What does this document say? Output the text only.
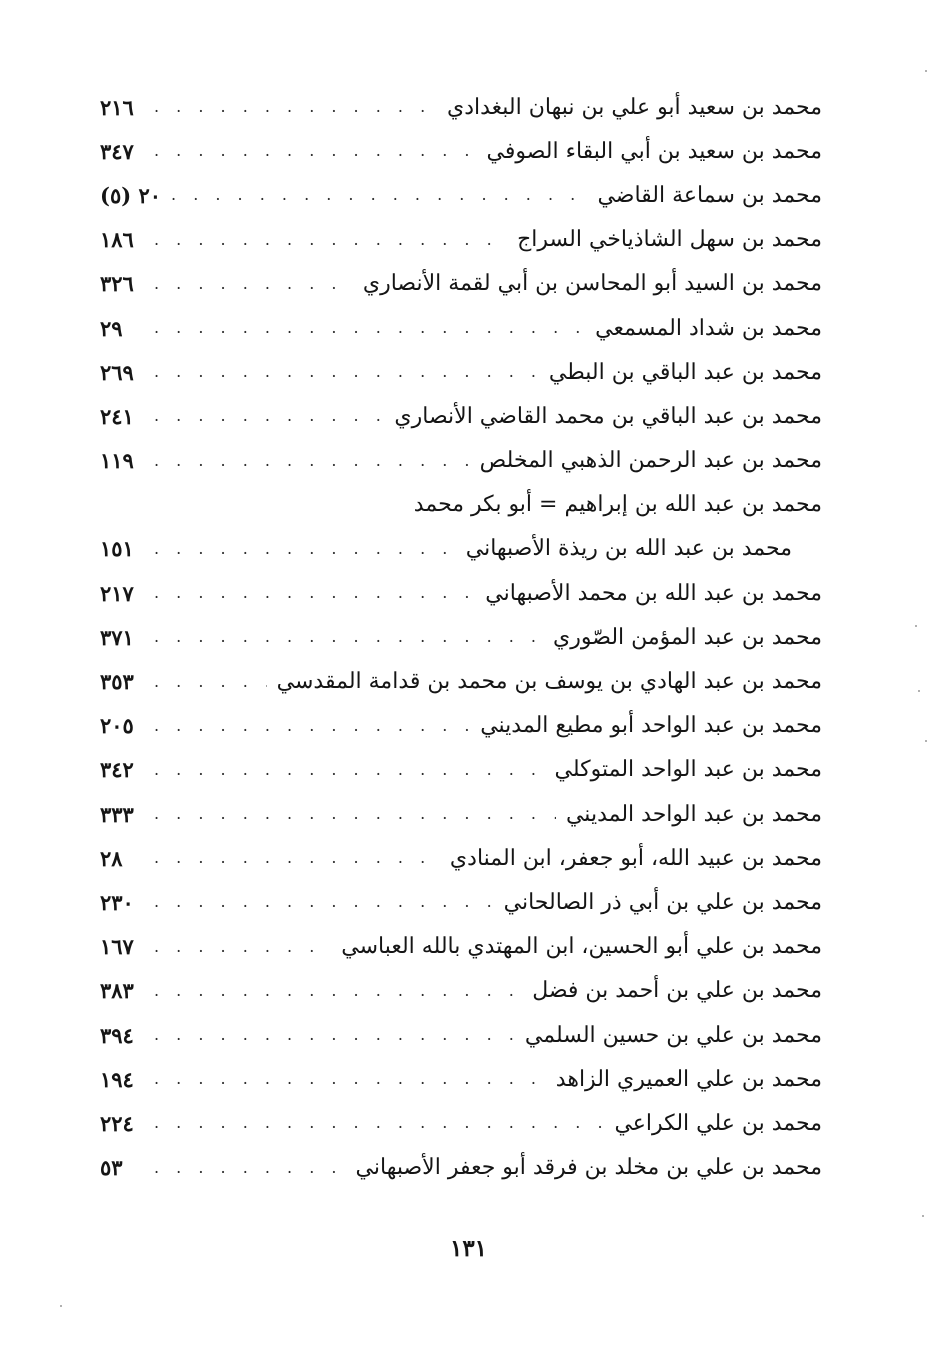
محمد بن سعيد أبو علي بن نبهان البغدادي
. . .
٢١٦
محمد بن سعيد بن أبي البقاء الصوفي
. . .
٣٤٧
محمد بن سماعة القاضي
. . .
٢٠ (٥)
محمد بن سهل الشاذياخي السراج
. . .
١٨٦
محمد بن السيد أبو المحاسن بن أبي لقمة الأنصاري
. . .
٣٢٦
محمد بن شداد المسمعي
. . .
٢٩
محمد بن عبد الباقي بن البطي
. . .
٢٦٩
محمد بن عبد الباقي بن محمد القاضي الأنصاري
. . .
٢٤١
محمد بن عبد الرحمن الذهبي المخلص
. . .
١١٩
محمد بن عبد الله بن إبراهيم = أبو بكر محمد
محمد بن عبد الله بن ريذة الأصبهاني
. . .
١٥١
محمد بن عبد الله بن محمد الأصبهاني
. . .
٢١٧
محمد بن عبد المؤمن الصّوري
. . .
٣٧١
محمد بن عبد الهادي بن يوسف بن محمد بن قدامة المقدسي
. . .
٣٥٣
محمد بن عبد الواحد أبو مطيع المديني
. . .
٢٠٥
محمد بن عبد الواحد المتوكلي
. . .
٣٤٢
محمد بن عبد الواحد المديني
. . .
٣٣٣
محمد بن عبيد الله، أبو جعفر، ابن المنادي
. . .
٢٨
محمد بن علي بن أبي ذر الصالحاني
. . .
٢٣٠
محمد بن علي أبو الحسين، ابن المهتدي بالله العباسي
. . .
١٦٧
محمد بن علي بن أحمد بن فضل
. . .
٣٨٣
محمد بن علي بن حسين السلمي
. . .
٣٩٤
محمد بن علي العميري الزاهد
. . .
١٩٤
محمد بن علي الكراعي
. . .
٢٢٤
محمد بن علي بن مخلد بن فرقد أبو جعفر الأصبهاني
. . .
٥٣
١٣١
